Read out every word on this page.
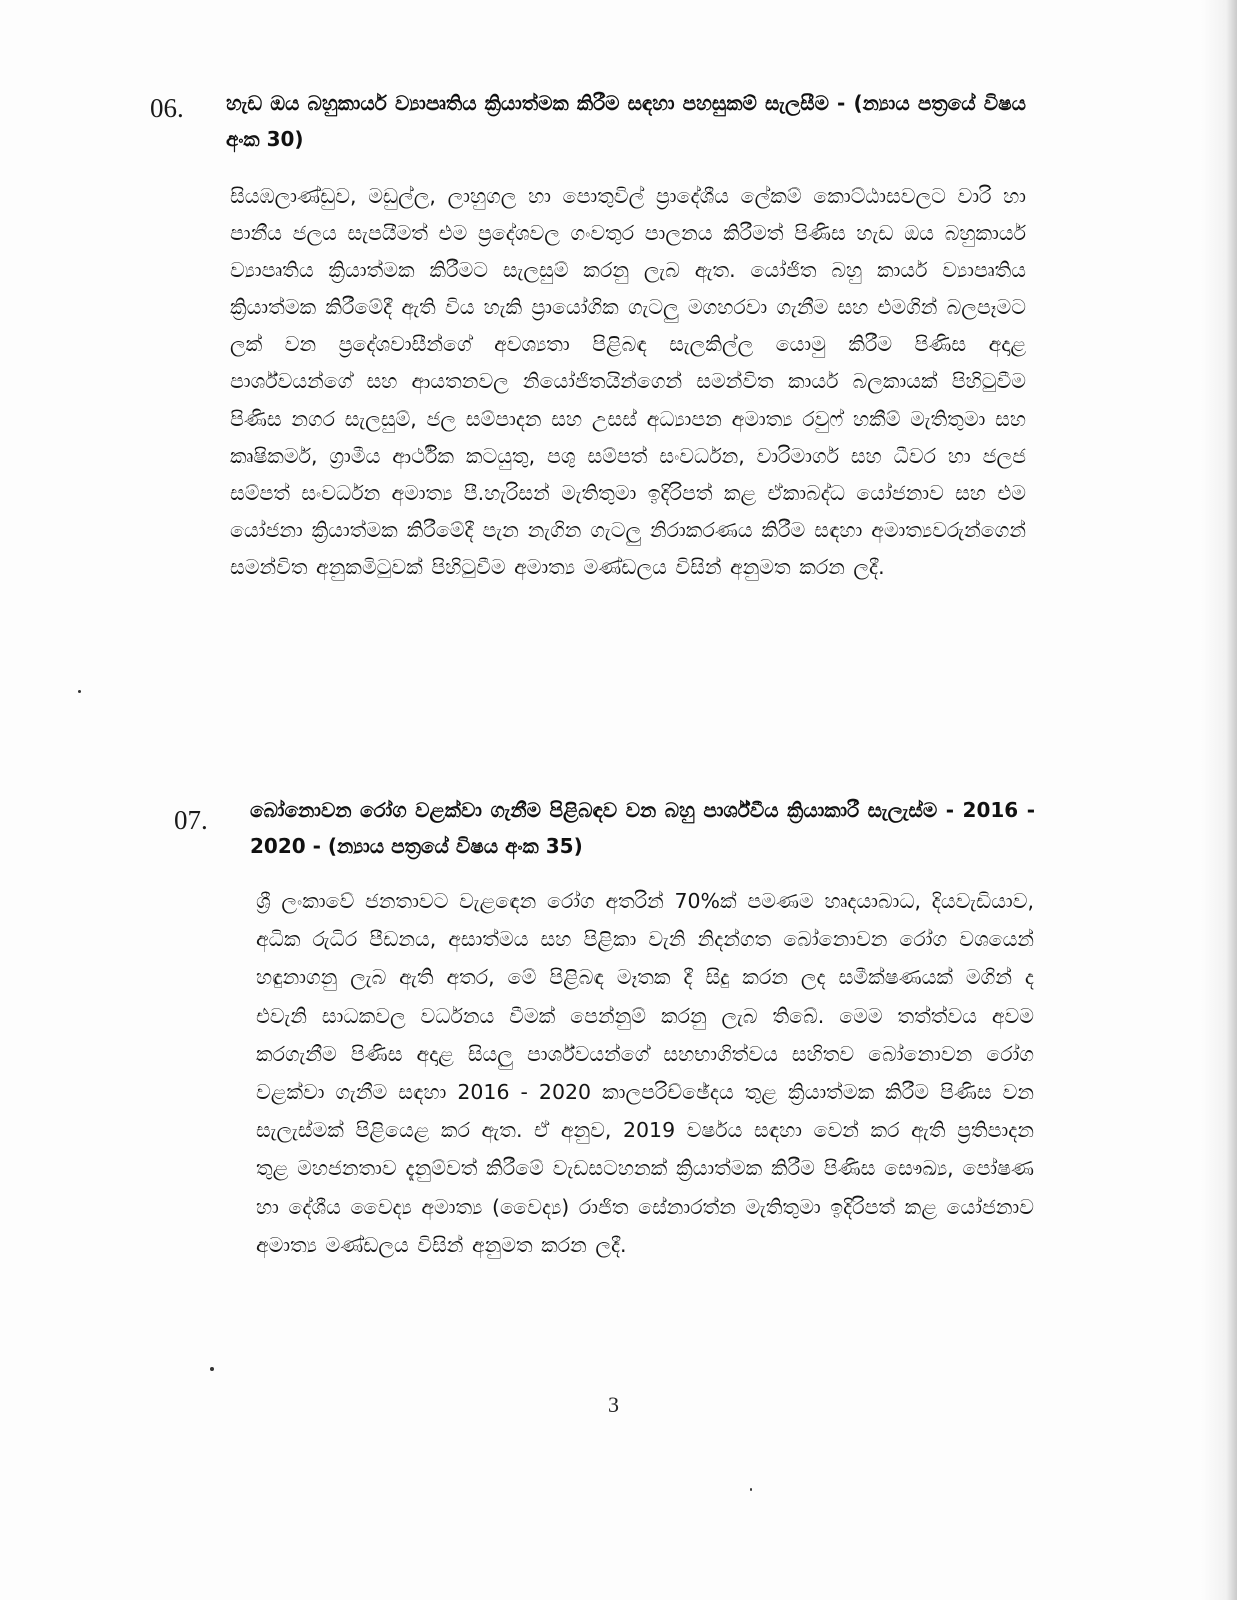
06. හැඩ ඔය බහුකාර්ය ව්‍යාපෘතිය ක්‍රියාත්මක කිරීම සඳහා පහසුකම් සැලසීම - (න්‍යාය පත්‍රයේ විෂය අංක 30)
සියඹලාණ්ඩුව, මඩුල්ල, ලාහුගල හා පොතුවිල් ප්‍රාදේශීය ලේකම් කොට්ඨාසවලට වාරි හා පානීය ජලය සැපයීමත් එම ප්‍රදේශවල ගංවතුර පාලනය කිරීමත් පිණිස හැඩ ඔය බහුකාර්ය ව්‍යාපෘතිය ක්‍රියාත්මක කිරීමට සැලසුම් කරනු ලැබ ඇත. යෝජිත බහු කාර්ය ව්‍යාපෘතිය ක්‍රියාත්මක කිරීමේදී ඇති විය හැකි ප්‍රායෝගික ගැටලු මගහරවා ගැනීම සහ එමගින් බලපෑමට ලක් වන ප්‍රදේශවාසීන්ගේ අවශ්‍යතා පිළිබඳ සැලකිල්ල යොමු කිරීම පිණිස අදාළ පාර්ශ්වයන්ගේ සහ ආයතනවල නියෝජිතයින්ගෙන් සමන්විත කාර්ය බලකායක් පිහිටුවීම පිණිස නගර සැලසුම්, ජල සම්පාදන සහ උසස් අධ්‍යාපන අමාත්‍ය රවුෆ් හකීම් මැතිතුමා සහ කෘෂිකර්ම, ග්‍රාමීය ආර්ථික කටයුතු, පශු සම්පත් සංවර්ධන, වාරිමාර්ග සහ ධීවර හා ජලජ සම්පත් සංවර්ධන අමාත්‍ය පී.හැරිසන් මැතිතුමා ඉදිරිපත් කළ ඒකාබද්ධ යෝජනාව සහ එම යෝජනා ක්‍රියාත්මක කිරීමේදී පැන නැගින ගැටලු නිරාකරණය කිරීම සඳහා අමාත්‍යවරුන්ගෙන් සමන්විත අනුකමිටුවක් පිහිටුවීම අමාත්‍ය මණ්ඩලය විසින් අනුමත කරන ලදී.
07. බෝනොවන රෝග වළක්වා ගැනීම පිළිබඳව වන බහු පාර්ශ්වීය ක්‍රියාකාරී සැලැස්ම - 2016 - 2020 - (න්‍යාය පත්‍රයේ විෂය අංක 35)
ශ්‍රී ලංකාවේ ජනතාවට වැළඳෙන රෝග අතරින් 70%ක් පමණම හෘදයාබාධ, දියවැඩියාව, අධික රුධිර පීඩනය, අසාත්මය සහ පිළිකා වැනි නිදන්ගත බෝනොවන රෝග වශයෙන් හඳුනාගනු ලැබ ඇති අතර, මේ පිළිබඳ මෑතක දී සිදු කරන ලද සමීක්ෂණයක් මගින් ද එවැනි සාධකවල වර්ධනය වීමක් පෙන්නුම් කරනු ලැබ තිබේ. මෙම තත්ත්වය අවම කරගැනීම පිණිස අදාළ සියලු පාර්ශ්වයන්ගේ සහභාගිත්වය සහිතව බෝනොවන රෝග වළක්වා ගැනීම සඳහා 2016 - 2020 කාලපරිච්ඡේදය තුළ ක්‍රියාත්මක කිරීම පිණිස වන සැලැස්මක් පිළියෙළ කර ඇත. ඒ අනුව, 2019 වර්ෂය සඳහා වෙන් කර ඇති ප්‍රතිපාදන තුළ මහජනතාව දැනුම්වත් කිරීමේ වැඩසටහනක් ක්‍රියාත්මක කිරීම පිණිස සෞඛ්‍ය, පෝෂණ හා දේශීය වෛද්‍ය අමාත්‍ය (වෛද්‍ය) රාජිත සේනාරත්න මැතිතුමා ඉදිරිපත් කළ යෝජනාව අමාත්‍ය මණ්ඩලය විසින් අනුමත කරන ලදී.
3
